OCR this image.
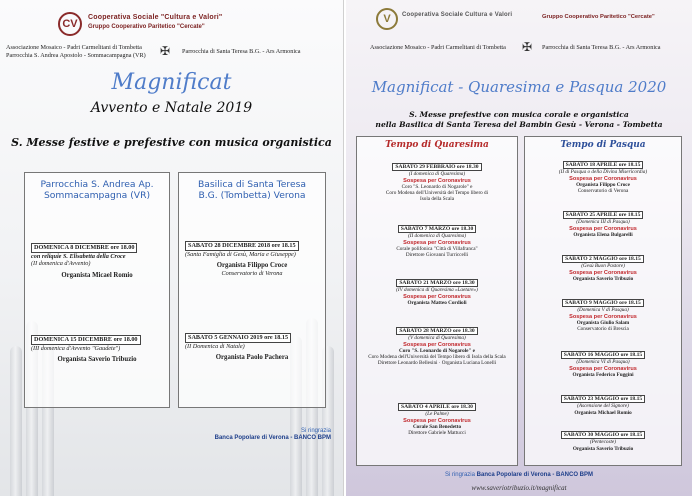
CV
Cooperativa Sociale "Cultura e Valori"
Gruppo Cooperativo Paritetico "Cercate"
Associazione Mosaico - Padri Carmelitani di Tombetta
Parrocchia S. Andrea Apostolo - Sommacampagna (VR) ✠ Parrocchia di Santa Teresa B.G. - Ars Armonica
Magnificat
Avvento e Natale 2019
S. Messe festive e prefestive con musica organistica
Parrocchia S. Andrea Ap.
Sommacampagna (VR)
DOMENICA 8 DICEMBRE ore 18.00
con reliquie S. Elisabetta della Croce
(II domenica d'Avvento)
Organista Micael Romio
DOMENICA 15 DICEMBRE ore 18.00
(III domenica d'Avvento "Gaudete")
Organista Saverio Tribuzio
Basilica di Santa Teresa
B.G. (Tombetta) Verona
SABATO 28 DICEMBRE 2018 ore 18.15
(Santa Famiglia di Gesù, Maria e Giuseppe)
Organista Filippo Croce
Conservatorio di Verona
SABATO 5 GENNAIO 2019 ore 18.15
(II Domenica di Natale)
Organista Paolo Pachera
Si ringrazia
Banca Popolare di Verona - BANCO BPM
V	Cooperativa Sociale Cultura e Valori	Gruppo Cooperativo Paritetico "Cercate"
Associazione Mosaico - Padri Carmelitani di Tombetta ✠ Parrocchia di Santa Teresa B.G. - Ars Armonica
Magnificat - Quaresima e Pasqua 2020
S. Messe prefestive con musica corale e organistica
nella Basilica di Santa Teresa del Bambin Gesù - Verona - Tombetta
Tempo di Quaresima
SABATO 29 FEBBRAIO ore 18.30
(I domenica di Quaresima)
Sospesa per Coronavirus
Coro "S. Leonardo di Nogarole" e
Coro Modena dell'Università del Tempo libero di
Isola della Scala
SABATO 7 MARZO ore 18.30
(II domenica di Quaresima)
Sospesa per Coronavirus
Corale polifonica "Città di Villafranca"
Direttore Giovanni Turriccelli
SABATO 21 MARZO ore 18.30
(IV domenica di Quaresima «Laetare»)
Sospesa per Coronavirus
Organista Matteo Cordioli
SABATO 28 MARZO ore 18.30
(V domenica di Quaresima)
Sospesa per Coronavirus
Coro "S. Leonardo di Nogarole" e
Coro Modena dell'Università del Tempo libero di Isola della Scala
Direttore Leonardo Bellesini · Organista Luciana Lonelli
SABATO 4 APRILE ore 18.30
(Le Palme)
Sospesa per Coronavirus
Corale San Benedetto
Direttore Gabriele Mattucci
Tempo di Pasqua
SABATO 18 APRILE ore 18.15
(II di Pasqua o della Divina Misericordia)
Sospesa per Coronavirus
Organista Filippo Croce
Conservatorio di Verona
SABATO 25 APRILE ore 18.15
(Domenica III di Pasqua)
Sospesa per Coronavirus
Organista Elena Bulgarelli
SABATO 2 MAGGIO ore 18.15
(Gesù Buon Pastore)
Sospesa per Coronavirus
Organista Saverio Tribuzio
SABATO 9 MAGGIO ore 18.15
(Domenica V di Pasqua)
Sospesa per Coronavirus
Organista Giulio Salam
Conservatorio di Brescia
SABATO 16 MAGGIO ore 18.15
(Domenica VI di Pasqua)
Sospesa per Coronavirus
Organista Federico Fuggini
SABATO 23 MAGGIO ore 18.15
(Ascensione del Signore)
Organista Michael Romio
SABATO 30 MAGGIO ore 18.15
(Pentecoste)
Organista Saverio Tribuzio
Si ringrazia Banca Popolare di Verona - BANCO BPM
www.saveriotribuzio.it/magnificat
